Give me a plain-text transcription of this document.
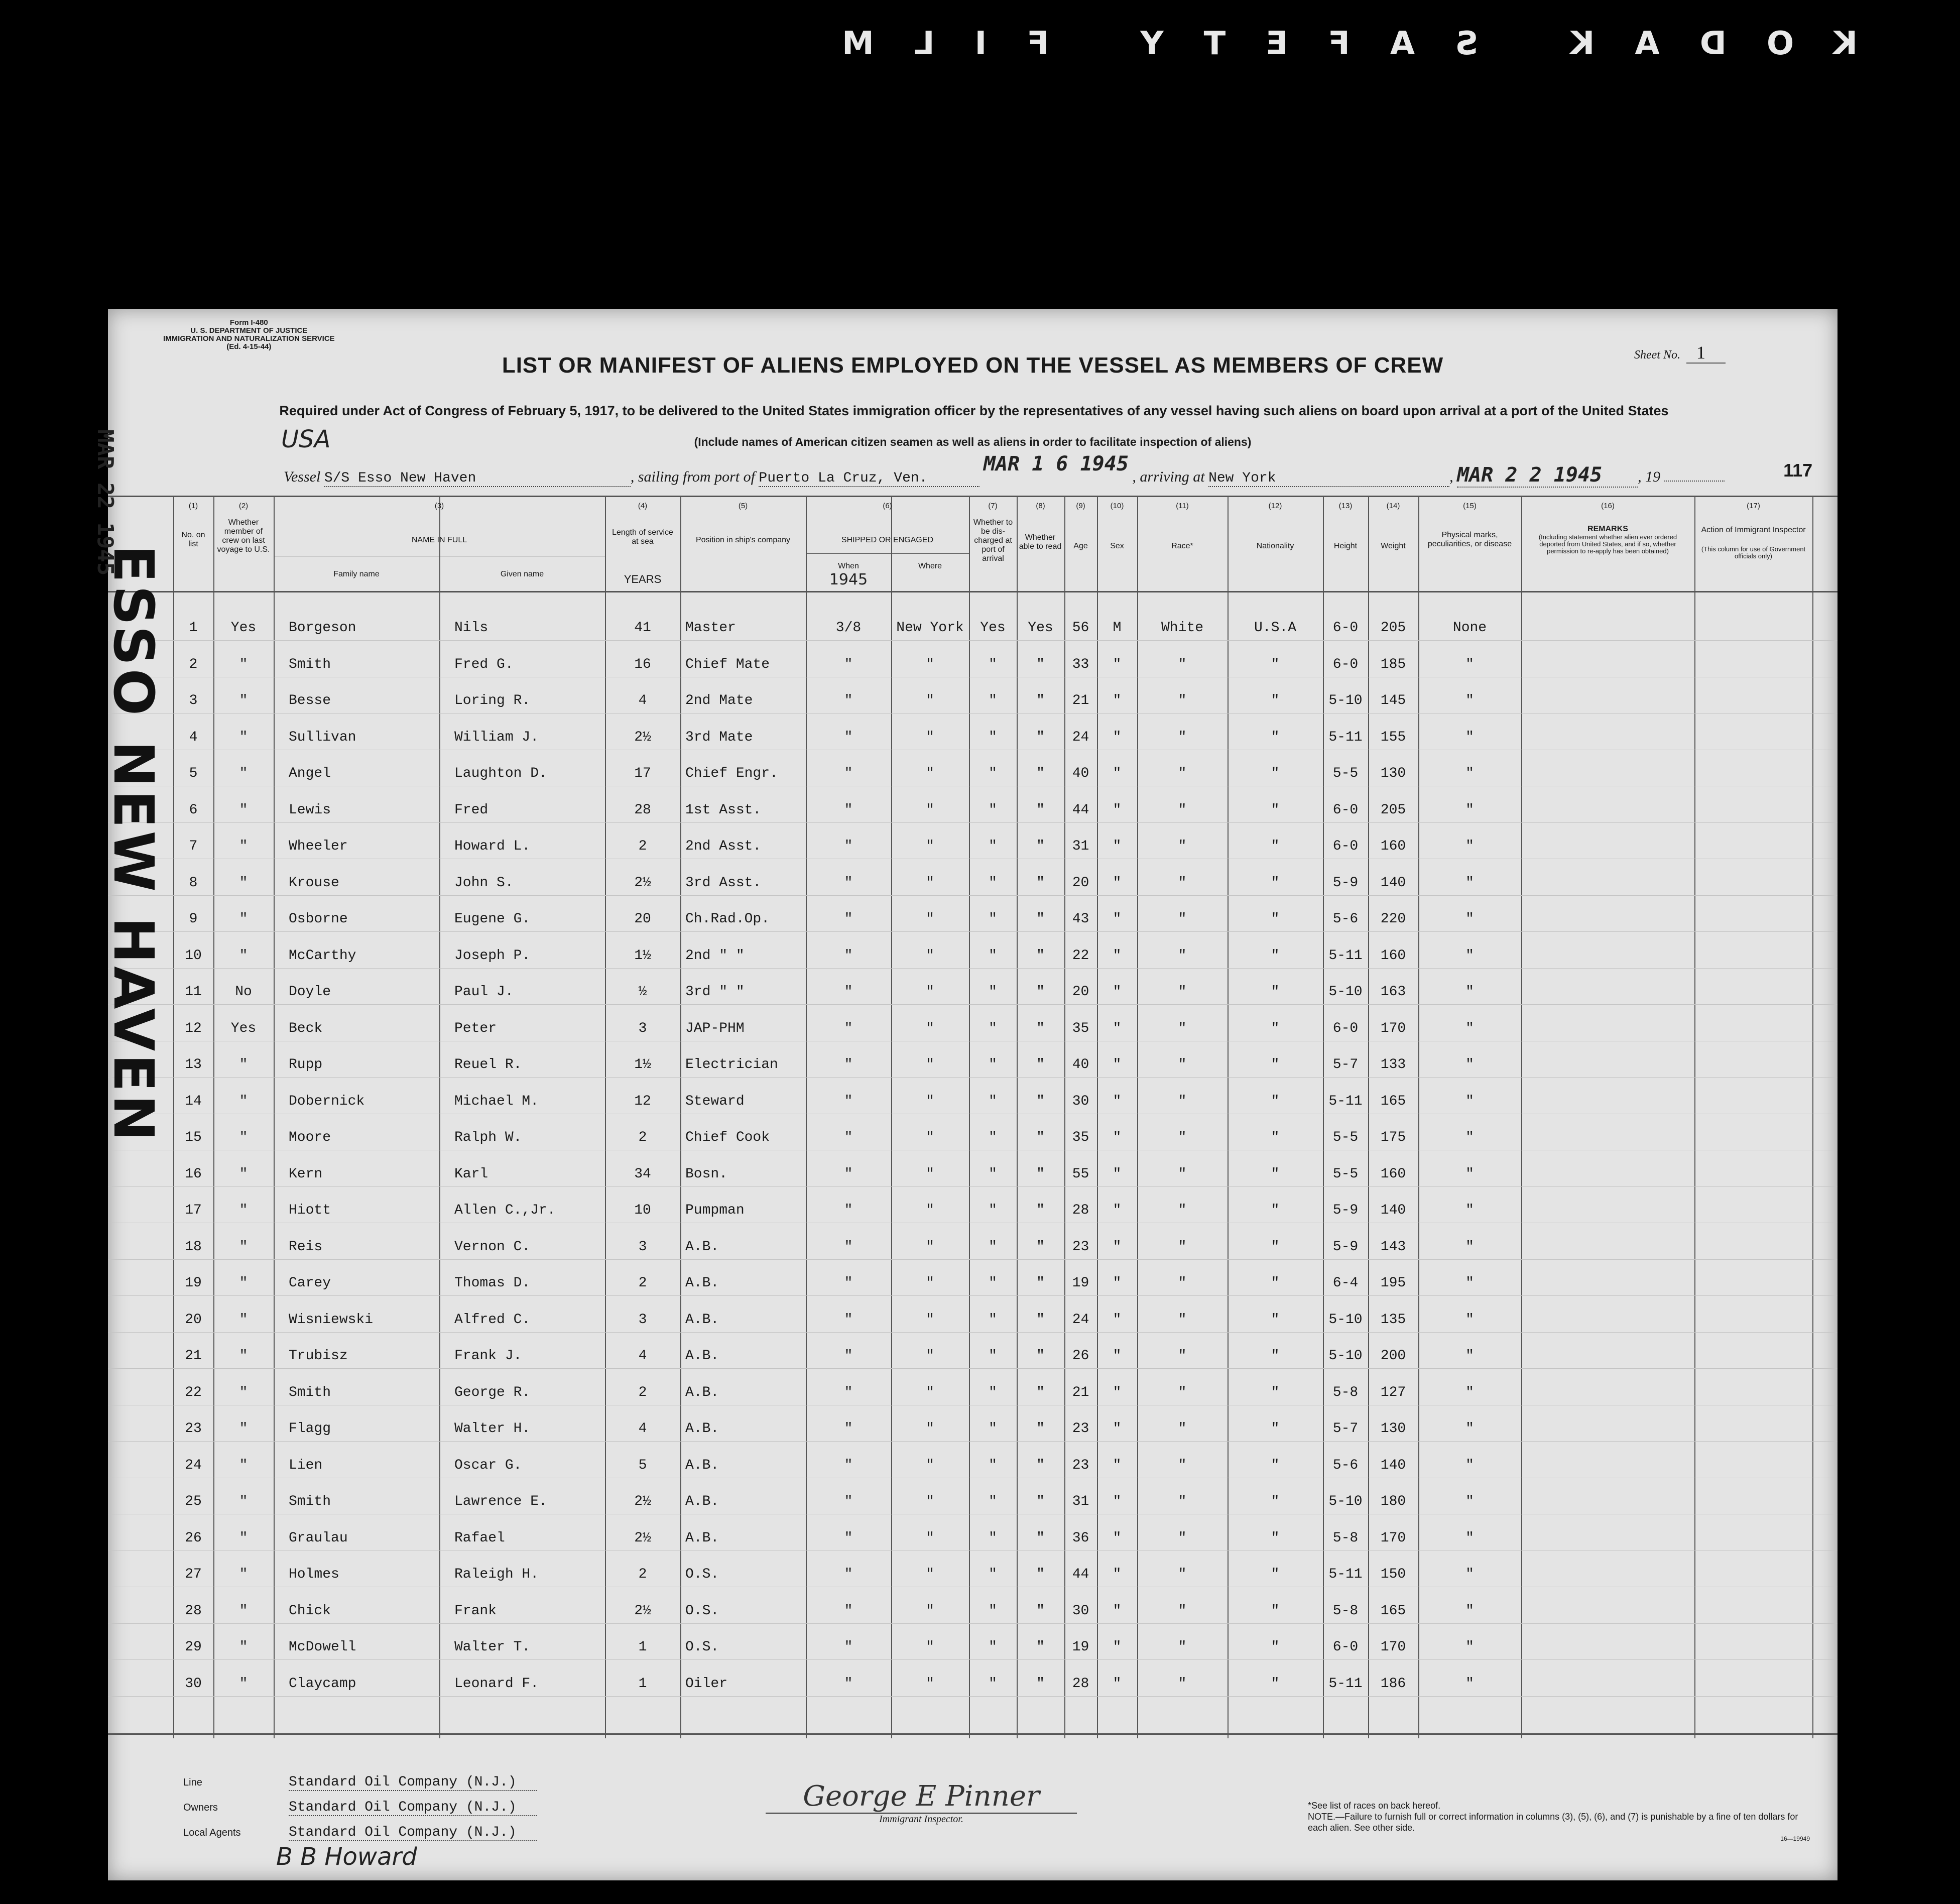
KODAK SAFETY FILM
Form I-480
U. S. DEPARTMENT OF JUSTICE
IMMIGRATION AND NATURALIZATION SERVICE
(Ed. 4-15-44)
Sheet No. 1
LIST OR MANIFEST OF ALIENS EMPLOYED ON THE VESSEL AS MEMBERS OF CREW
Required under Act of Congress of February 5, 1917, to be delivered to the United States immigration officer by the representatives of any vessel having such aliens on board upon arrival at a port of the United States
(Include names of American citizen seamen as well as aliens in order to facilitate inspection of aliens)
USA
Vessel S/S Esso New Haven	, sailing from port of Puerto La Cruz, Ven. MAR 1 6 1945 , arriving at New York	, MAR 2 2 1945 , 19	117
(1)	(2)	(3)	(4)	(5)	(6)	(7)	(8)	(9)	(10)	(11)	(12)	(13)	(14)	(15)	(16)	(17)
No. on list
Whether member of crew on last voyage to U.S.
NAME IN FULL
Family name	Given name
Length of service at sea
YEARS
Position in ship's company	SHIPPED OR ENGAGED
When
1945
Where
Whether to be dis-charged at port of arrival
Whether able to read	Age	Sex	Race*	Nationality	Height	Weight
Physical marks, peculiarities, or disease
REMARKS
(Including statement whether alien ever ordered deported from United States, and if so, whether permission to re-apply has been obtained)
Action of Immigrant Inspector
(This column for use of Government officials only)
1	Yes	Borgeson	Nils	41	Master	3/8	New York	Yes	Yes	56	M	White	U.S.A	6-0	205	None
2	"	Smith	Fred G.	16	Chief Mate	"	"	"	"	33	"	"	"	6-0	185	"
3	"	Besse	Loring R.	4	2nd Mate	"	"	"	"	21	"	"	"	5-10	145	"
4	"	Sullivan	William J.	2½	3rd Mate	"	"	"	"	24	"	"	"	5-11	155	"
5	"	Angel	Laughton D.	17	Chief Engr.	"	"	"	"	40	"	"	"	5-5	130	"
6	"	Lewis	Fred	28	1st Asst.	"	"	"	"	44	"	"	"	6-0	205	"
7	"	Wheeler	Howard L.	2	2nd Asst.	"	"	"	"	31	"	"	"	6-0	160	"
8	"	Krouse	John S.	2½	3rd Asst.	"	"	"	"	20	"	"	"	5-9	140	"
9	"	Osborne	Eugene G.	20	Ch.Rad.Op.	"	"	"	"	43	"	"	"	5-6	220	"
10	"	McCarthy	Joseph P.	1½	2nd " "	"	"	"	"	22	"	"	"	5-11	160	"
11	No	Doyle	Paul J.	½	3rd " "	"	"	"	"	20	"	"	"	5-10	163	"
12	Yes	Beck	Peter	3	JAP-PHM	"	"	"	"	35	"	"	"	6-0	170	"
13	"	Rupp	Reuel R.	1½	Electrician	"	"	"	"	40	"	"	"	5-7	133	"
14	"	Dobernick	Michael M.	12	Steward	"	"	"	"	30	"	"	"	5-11	165	"
15	"	Moore	Ralph W.	2	Chief Cook	"	"	"	"	35	"	"	"	5-5	175	"
16	"	Kern	Karl	34	Bosn.	"	"	"	"	55	"	"	"	5-5	160	"
17	"	Hiott	Allen C.,Jr.	10	Pumpman	"	"	"	"	28	"	"	"	5-9	140	"
18	"	Reis	Vernon C.	3	A.B.	"	"	"	"	23	"	"	"	5-9	143	"
19	"	Carey	Thomas D.	2	A.B.	"	"	"	"	19	"	"	"	6-4	195	"
20	"	Wisniewski	Alfred C.	3	A.B.	"	"	"	"	24	"	"	"	5-10	135	"
21	"	Trubisz	Frank J.	4	A.B.	"	"	"	"	26	"	"	"	5-10	200	"
22	"	Smith	George R.	2	A.B.	"	"	"	"	21	"	"	"	5-8	127	"
23	"	Flagg	Walter H.	4	A.B.	"	"	"	"	23	"	"	"	5-7	130	"
24	"	Lien	Oscar G.	5	A.B.	"	"	"	"	23	"	"	"	5-6	140	"
25	"	Smith	Lawrence E.	2½	A.B.	"	"	"	"	31	"	"	"	5-10	180	"
26	"	Graulau	Rafael	2½	A.B.	"	"	"	"	36	"	"	"	5-8	170	"
27	"	Holmes	Raleigh H.	2	O.S.	"	"	"	"	44	"	"	"	5-11	150	"
28	"	Chick	Frank	2½	O.S.	"	"	"	"	30	"	"	"	5-8	165	"
29	"	McDowell	Walter T.	1	O.S.	"	"	"	"	19	"	"	"	6-0	170	"
30	"	Claycamp	Leonard F.	1	Oiler	"	"	"	"	28	"	"	"	5-11	186	"
Line	Standard Oil Company (N.J.)
Owners	Standard Oil Company (N.J.)
Local Agents	Standard Oil Company (N.J.)
B B Howard
George E Pinner
Immigrant Inspector.
*See list of races on back hereof.
NOTE.—Failure to furnish full or correct information in columns (3), (5), (6), and (7) is punishable by a fine of ten dollars for each alien. See other side.
16—19949
MAR 22 1945
ESSO NEW HAVEN
